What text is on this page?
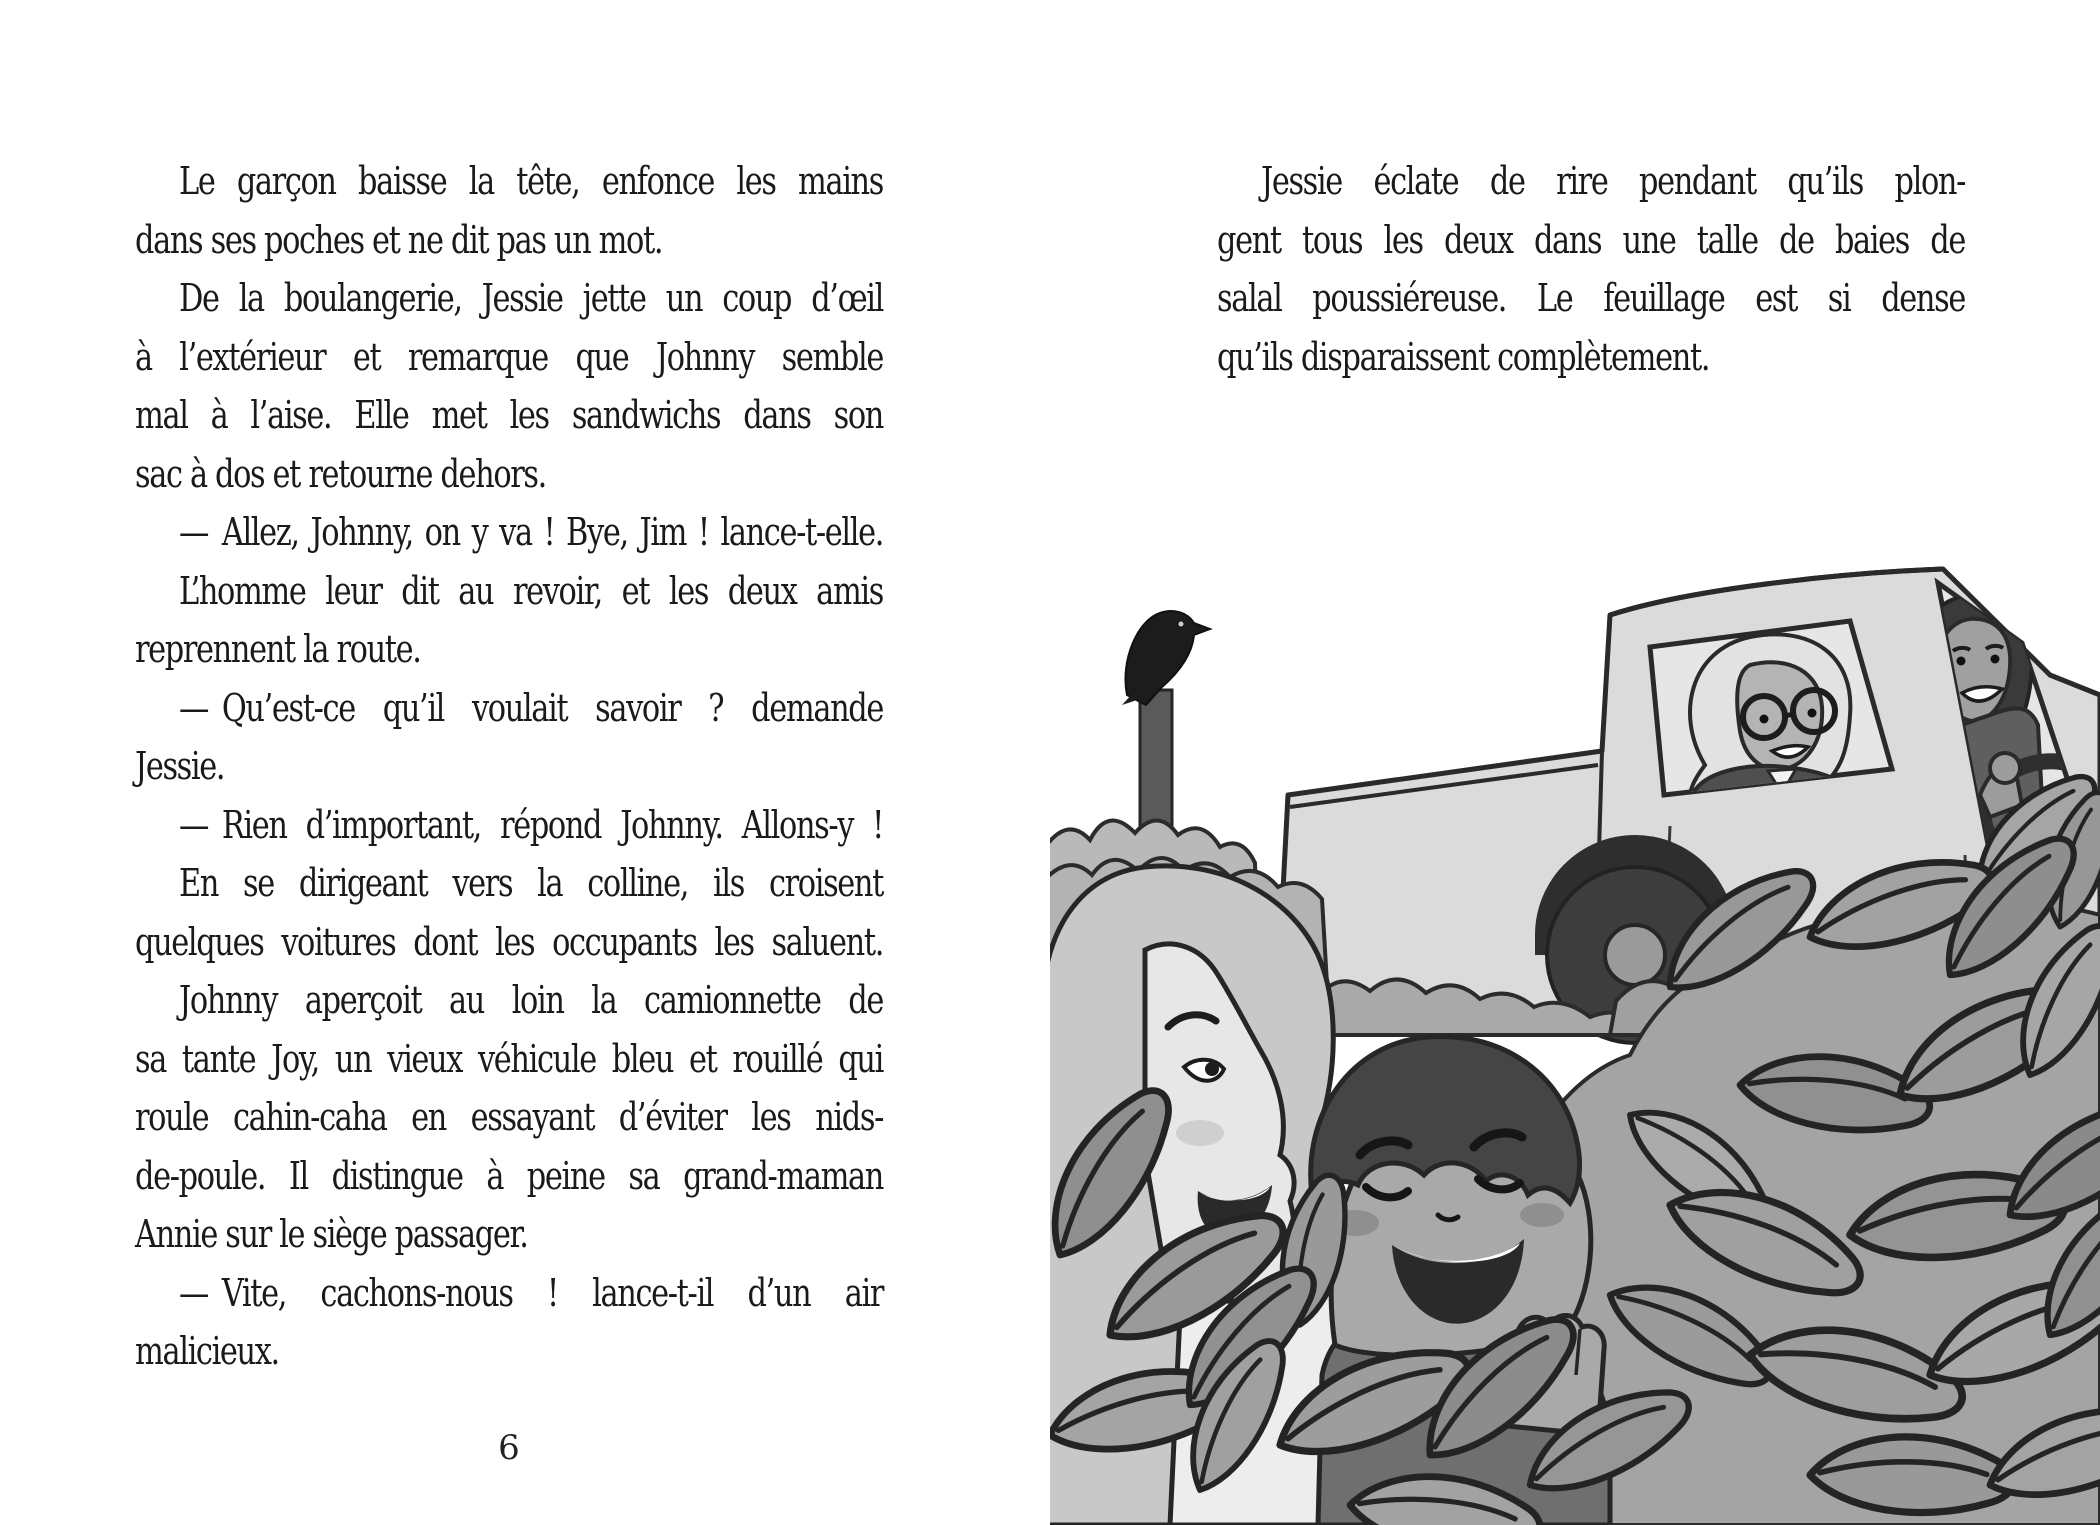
Le garçon baisse la tête, enfonce les mains
dans ses poches et ne dit pas un mot.
De la boulangerie, Jessie jette un coup d’œil
à l’extérieur et remarque que Johnny semble
mal à l’aise. Elle met les sandwichs dans son
sac à dos et retourne dehors.
— Allez, Johnny, on y va ! Bye, Jim ! lance-t-elle.
L’homme leur dit au revoir, et les deux amis
reprennent la route.
— Qu’est-ce qu’il voulait savoir ? demande
Jessie.
— Rien d’important, répond Johnny. Allons-y !
En se dirigeant vers la colline, ils croisent
quelques voitures dont les occupants les saluent.
Johnny aperçoit au loin la camionnette de
sa tante Joy, un vieux véhicule bleu et rouillé qui
roule cahin-caha en essayant d’éviter les nids-
de-poule. Il distingue à peine sa grand-maman
Annie sur le siège passager.
— Vite, cachons-nous ! lance-t-il d’un air
malicieux.
6
Jessie éclate de rire pendant qu’ils plon-
gent tous les deux dans une talle de baies de
salal poussiéreuse. Le feuillage est si dense
qu’ils disparaissent complètement.
